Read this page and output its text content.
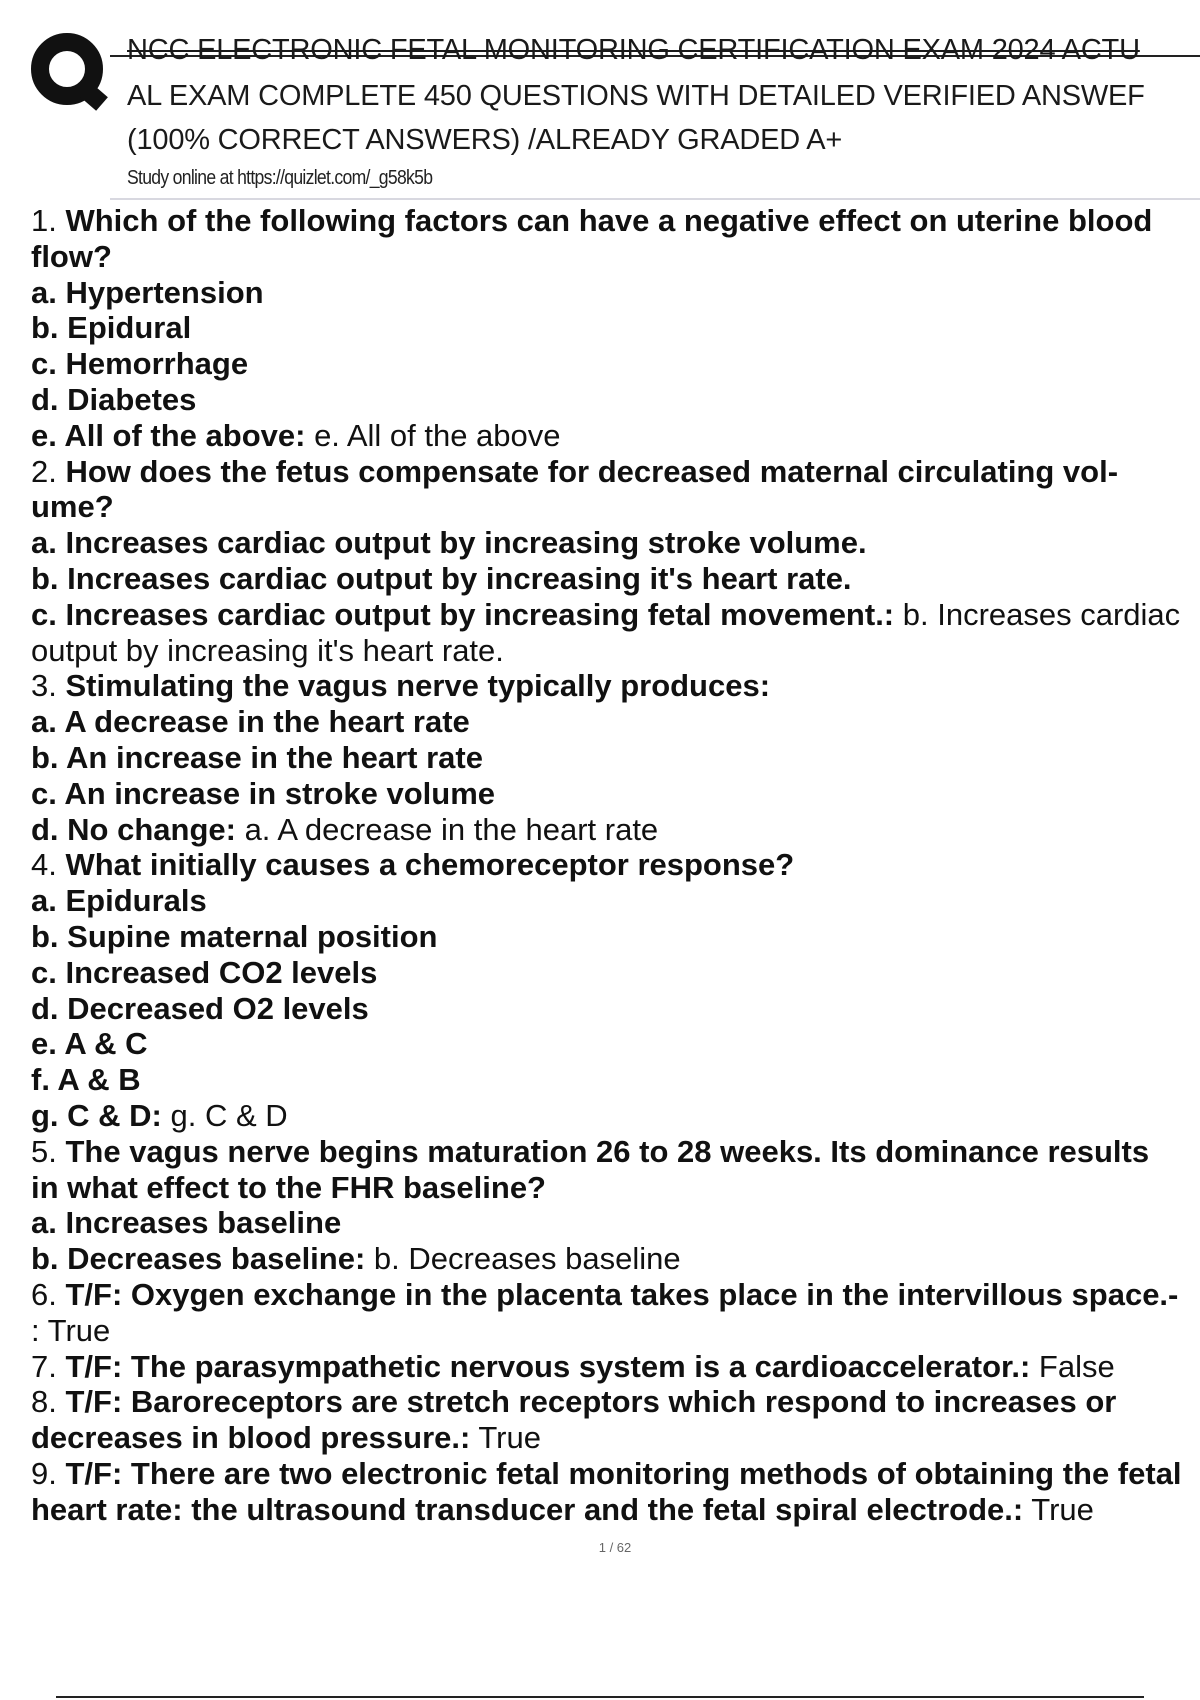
NCC ELECTRONIC FETAL MONITORING CERTIFICATION EXAM 2024 ACTU
AL EXAM COMPLETE 450 QUESTIONS WITH DETAILED VERIFIED ANSWEF
(100% CORRECT ANSWERS) /ALREADY GRADED A+
Study online at https://quizlet.com/_g58k5b
1. Which of the following factors can have a negative effect on uterine blood
flow?
a. Hypertension
b. Epidural
c. Hemorrhage
d. Diabetes
e. All of the above: e. All of the above
2. How does the fetus compensate for decreased maternal circulating vol-
ume?
a. Increases cardiac output by increasing stroke volume.
b. Increases cardiac output by increasing it's heart rate.
c. Increases cardiac output by increasing fetal movement.: b. Increases cardiac
output by increasing it's heart rate.
3. Stimulating the vagus nerve typically produces:
a. A decrease in the heart rate
b. An increase in the heart rate
c. An increase in stroke volume
d. No change: a. A decrease in the heart rate
4. What initially causes a chemoreceptor response?
a. Epidurals
b. Supine maternal position
c. Increased CO2 levels
d. Decreased O2 levels
e. A & C
f. A & B
g. C & D: g. C & D
5. The vagus nerve begins maturation 26 to 28 weeks. Its dominance results
in what effect to the FHR baseline?
a. Increases baseline
b. Decreases baseline: b. Decreases baseline
6. T/F: Oxygen exchange in the placenta takes place in the intervillous space.-
: True
7. T/F: The parasympathetic nervous system is a cardioaccelerator.: False
8. T/F: Baroreceptors are stretch receptors which respond to increases or
decreases in blood pressure.: True
9. T/F: There are two electronic fetal monitoring methods of obtaining the fetal
heart rate: the ultrasound transducer and the fetal spiral electrode.: True
1 / 62
